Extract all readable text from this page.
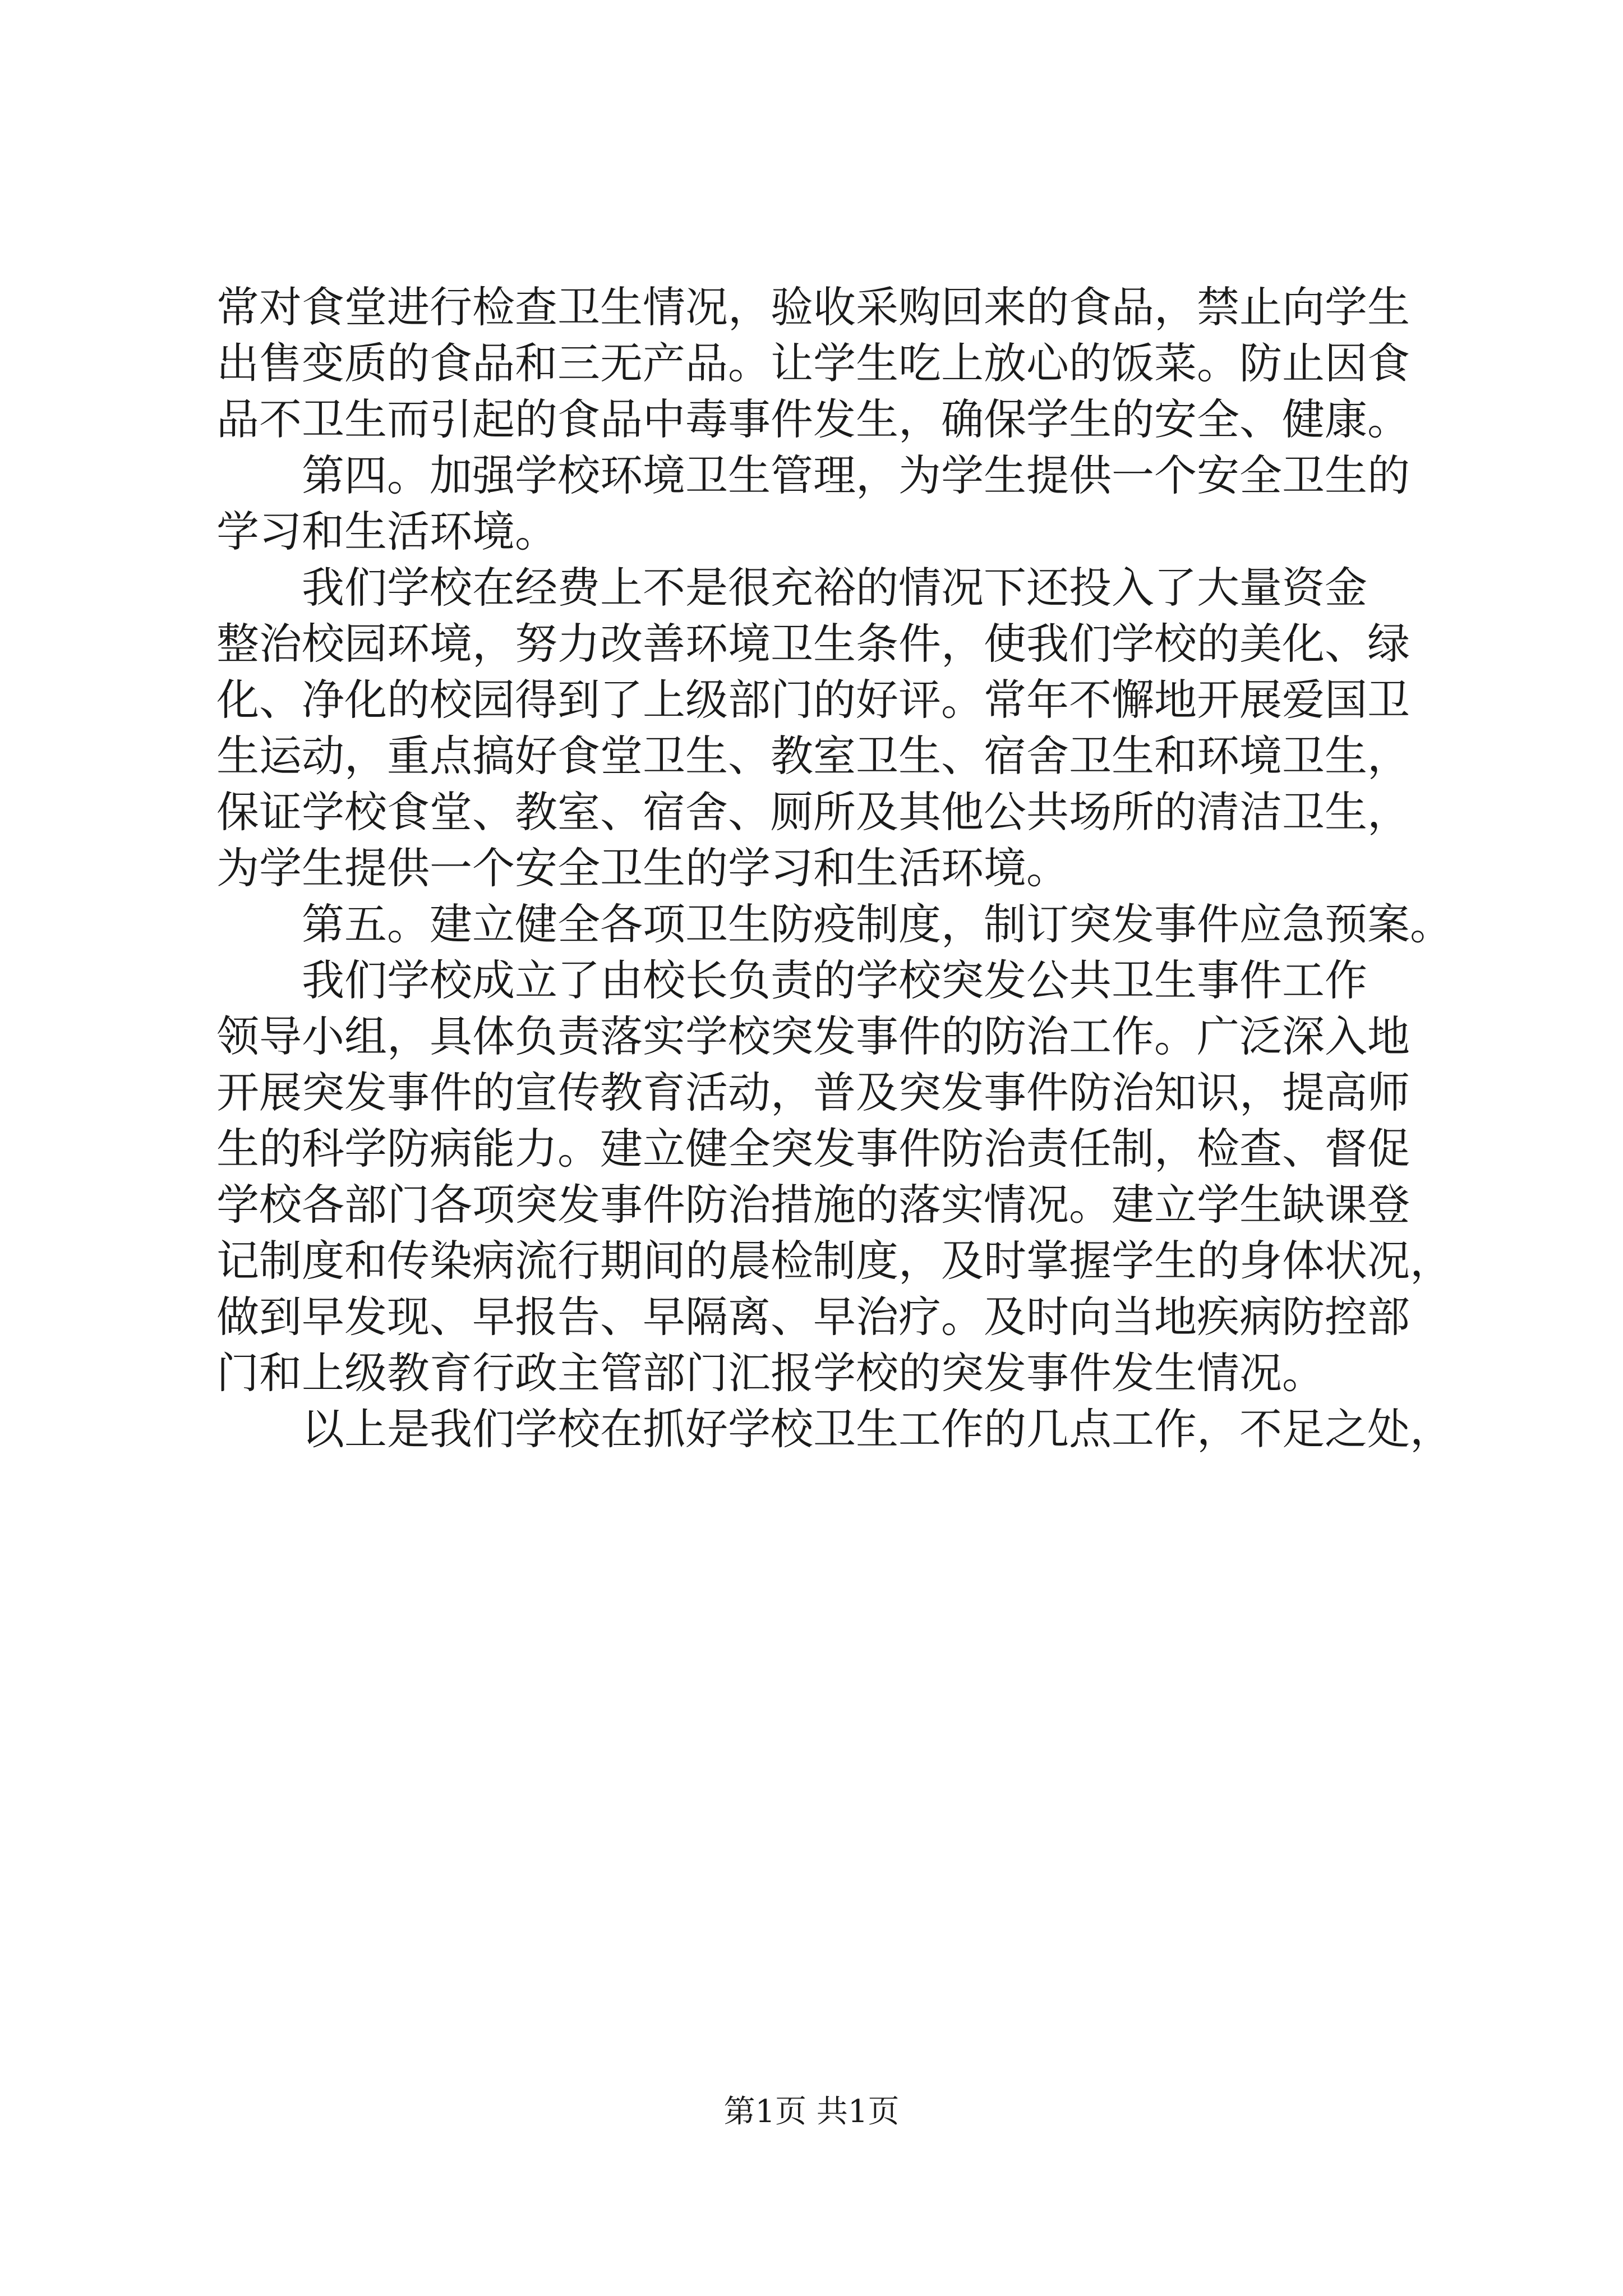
常 对 食 堂 进 行 检 查 卫 生 情 况 ， 验 收 采 购 回 来 的 食 品 ， 禁 止 向 学 生
出 售 变 质 的 食 品 和 三 无 产 品 。 让 学 生 吃 上 放 心 的 饭 菜 。 防 止 因 食
品 不 卫 生 而 引 起 的 食 品 中 毒 事 件 发 生 ， 确 保 学 生 的 安 全 、 健 康 。
第四。加强学校环境卫生管理，为学生提供一个安全卫生的
学习和生活环境。
我们学校在经费上不是很充裕的情况下还投入了大量资金
整 治 校 园 环 境 ， 努 力 改 善 环 境 卫 生 条 件 ， 使 我 们 学 校 的 美 化 、 绿
化 、 净 化 的 校 园 得 到 了 上 级 部 门 的 好 评 。 常 年 不 懈 地 开 展 爱 国 卫
生 运 动 ， 重 点 搞 好 食 堂 卫 生 、 教 室 卫 生 、 宿 舍 卫 生 和 环 境 卫 生 ，
保 证 学 校 食 堂 、 教 室 、 宿 舍 、 厕 所 及 其 他 公 共 场 所 的 清 洁 卫 生 ，
为学生提供一个安全卫生的学习和生活环境。
第五。建立健全各项卫生防疫制度，制订突发事件应急预案。
我们学校成立了由校长负责的学校突发公共卫生事件工作
领 导 小 组 ， 具 体 负 责 落 实 学 校 突 发 事 件 的 防 治 工 作 。 广 泛 深 入 地
开 展 突 发 事 件 的 宣 传 教 育 活 动 ， 普 及 突 发 事 件 防 治 知 识 ， 提 高 师
生 的 科 学 防 病 能 力 。 建 立 健 全 突 发 事 件 防 治 责 任 制 ， 检 查 、 督 促
学 校 各 部 门 各 项 突 发 事 件 防 治 措 施 的 落 实 情 况 。 建 立 学 生 缺 课 登
记 制 度 和 传 染 病 流 行 期 间 的 晨 检 制 度 ， 及 时 掌 握 学 生 的 身 体 状 况 ，
做 到 早 发 现 、 早 报 告 、 早 隔 离 、 早 治 疗 。 及 时 向 当 地 疾 病 防 控 部
门和上级教育行政主管部门汇报学校的突发事件发生情况。
以上是我们学校在抓好学校卫生工作的几点工作，不足之处，
第1页 共1页
